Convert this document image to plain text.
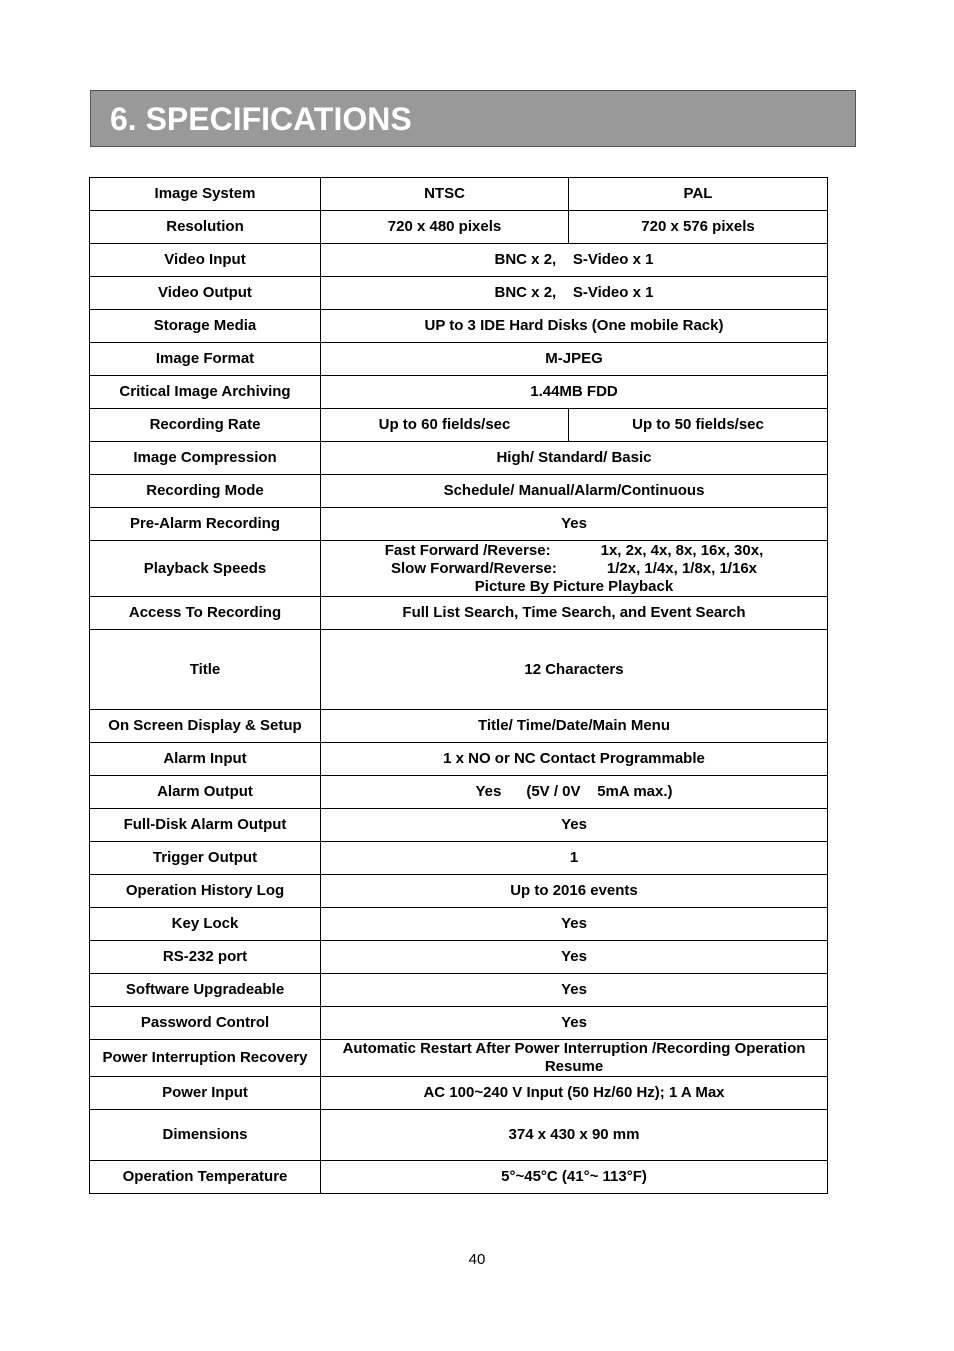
6. SPECIFICATIONS
Image System	NTSC	PAL
Resolution	720 x 480 pixels	720 x 576 pixels
Video Input	BNC x 2,    S-Video x 1	
Video Output	BNC x 2,    S-Video x 1	
Storage Media	UP to 3 IDE Hard Disks (One mobile Rack)	
Image Format	M-JPEG	
Critical Image Archiving	1.44MB FDD	
Recording Rate	Up to 60 fields/sec	Up to 50 fields/sec
Image Compression	High/ Standard/ Basic	
Recording Mode	Schedule/ Manual/Alarm/Continuous	
Pre-Alarm Recording	Yes	
Playback Speeds	Fast Forward /Reverse:            1x, 2x, 4x, 8x, 16x, 30x,
Slow Forward/Reverse:            1/2x, 1/4x, 1/8x, 1/16x
Picture By Picture Playback	

Access To Recording	Full List Search, Time Search, and Event Search	
Title	12 Characters	
On Screen Display & Setup	Title/ Time/Date/Main Menu	
Alarm Input	1 x NO or NC Contact Programmable	
Alarm Output	Yes      (5V / 0V    5mA max.)	
Full-Disk Alarm Output	Yes	
Trigger Output	1	
Operation History Log	Up to 2016 events	
Key Lock	Yes	
RS-232 port	Yes	
Software Upgradeable	Yes	
Password Control	Yes	
Power Interruption Recovery	Automatic Restart After Power Interruption /Recording Operation Resume	
Power Input	AC 100~240 V Input (50 Hz/60 Hz); 1 A Max	
Dimensions	374 x 430 x 90 mm	
Operation Temperature	5°~45°C (41°~ 113°F)	
40
